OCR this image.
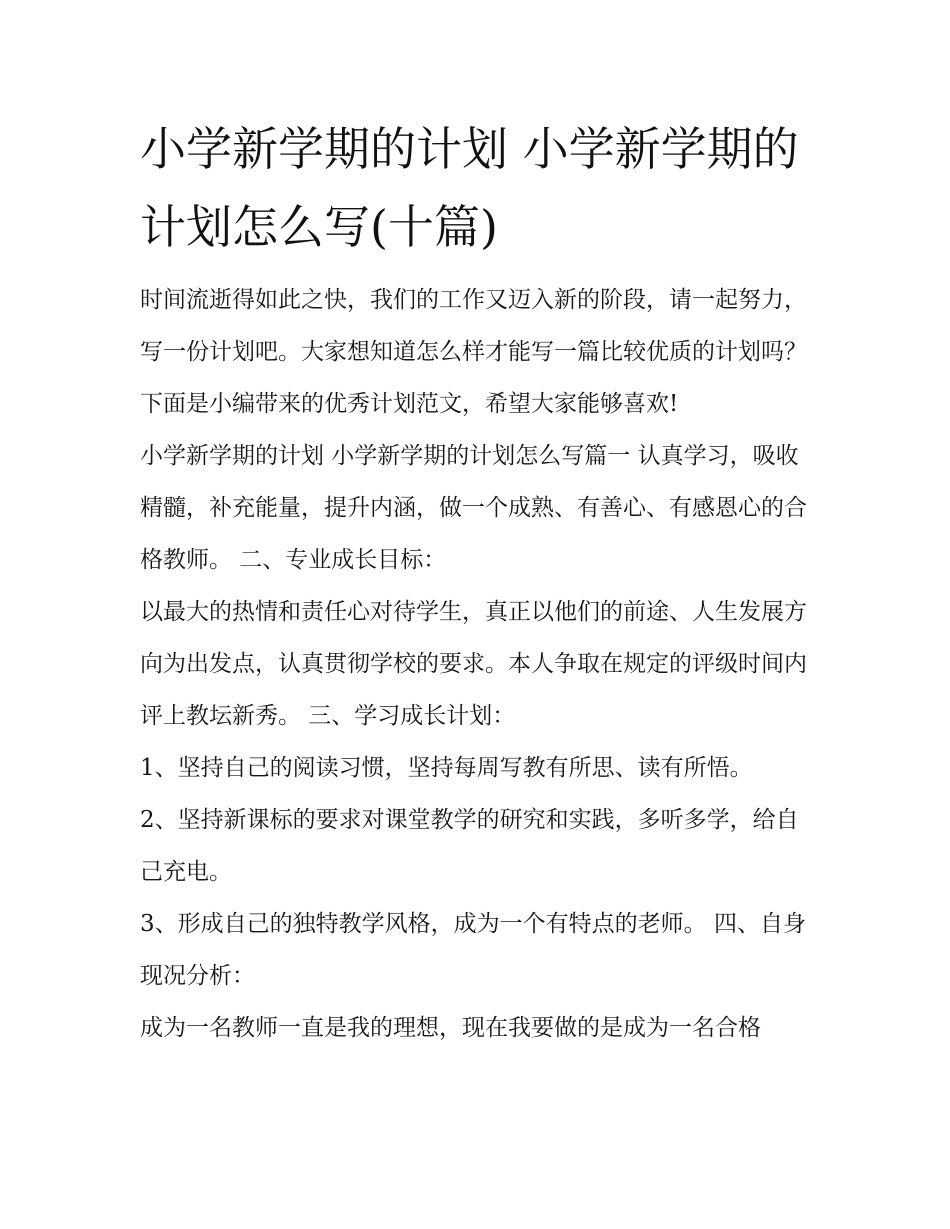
小学新学期的计划 小学新学期的计划怎么写(十篇)

时间流逝得如此之快，我们的工作又迈入新的阶段，请一起努力，写一份计划吧。大家想知道怎么样才能写一篇比较优质的计划吗？下面是小编带来的优秀计划范文，希望大家能够喜欢!

小学新学期的计划 小学新学期的计划怎么写篇一 认真学习，吸收精髓，补充能量，提升内涵，做一个成熟、有善心、有感恩心的合格教师。 二、专业成长目标：

以最大的热情和责任心对待学生，真正以他们的前途、人生发展方向为出发点，认真贯彻学校的要求。本人争取在规定的评级时间内评上教坛新秀。 三、学习成长计划：

1、坚持自己的阅读习惯，坚持每周写教有所思、读有所悟。

2、坚持新课标的要求对课堂教学的研究和实践，多听多学，给自己充电。

3、形成自己的独特教学风格，成为一个有特点的老师。 四、自身现况分析：

成为一名教师一直是我的理想，现在我要做的是成为一名合格
